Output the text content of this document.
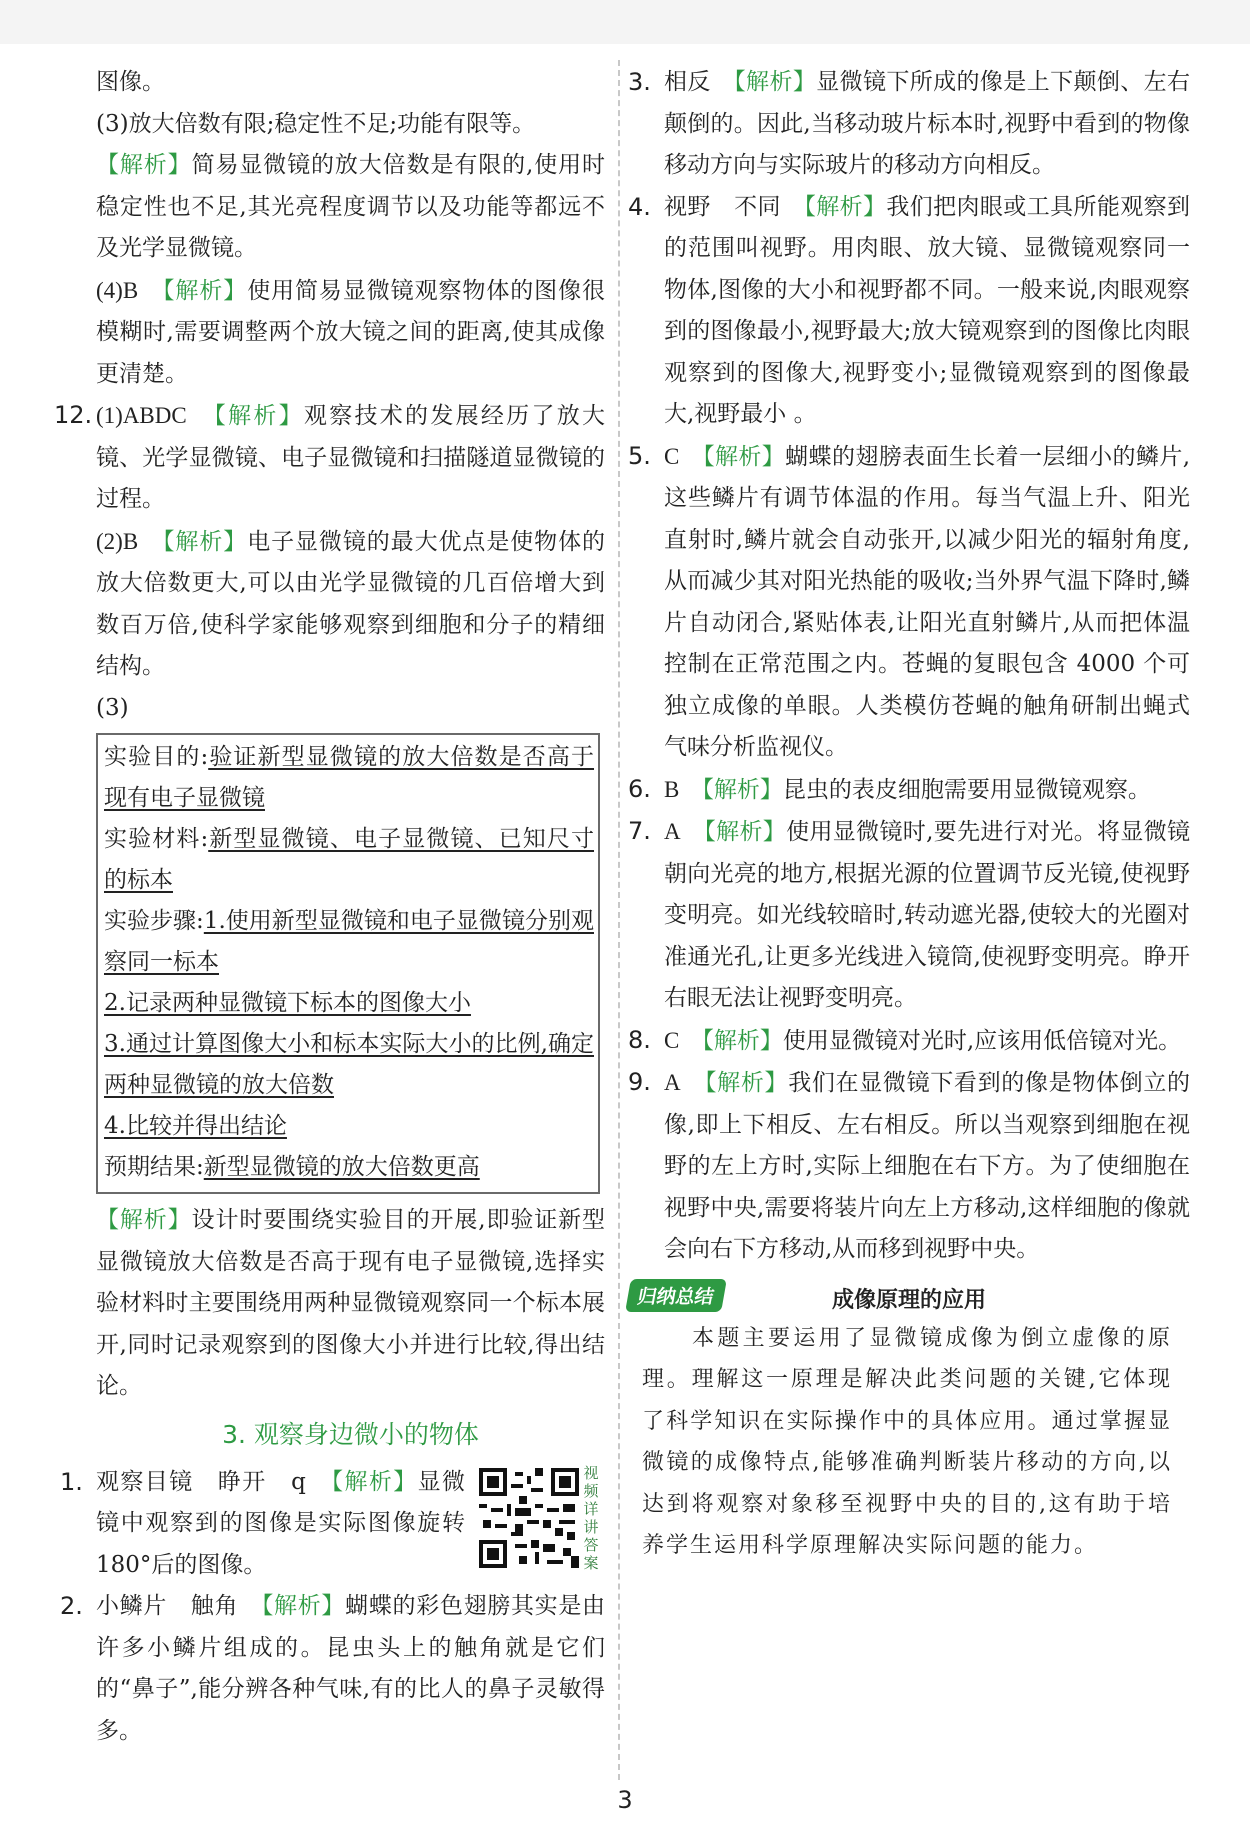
图像。

(3)放大倍数有限;稳定性不足;功能有限等。

【解析】简易显微镜的放大倍数是有限的,使用时稳定性也不足,其光亮程度调节以及功能等都远不及光学显微镜。

(4)B　 【解析】使用简易显微镜观察物体的图像很模糊时,需要调整两个放大镜之间的距离,使其成像更清楚。

12. (1)ABDC　 【解析】观察技术的发展经历了放大镜、光学显微镜、电子显微镜和扫描隧道显微镜的过程。

(2)B　 【解析】电子显微镜的最大优点是使物体的放大倍数更大,可以由光学显微镜的几百倍增大到数百万倍,使科学家能够观察到细胞和分子的精细结构。

(3)

实验目的:验证新型显微镜的放大倍数是否高于现有电子显微镜

实验材料:新型显微镜、电子显微镜、已知尺寸的标本

实验步骤:1.使用新型显微镜和电子显微镜分别观察同一标本

2.记录两种显微镜下标本的图像大小

3.通过计算图像大小和标本实际大小的比例,确定两种显微镜的放大倍数

4.比较并得出结论

预期结果:新型显微镜的放大倍数更高

【解析】设计时要围绕实验目的开展,即验证新型显微镜放大倍数是否高于现有电子显微镜,选择实验材料时主要围绕用两种显微镜观察同一个标本展开,同时记录观察到的图像大小并进行比较,得出结论。

3. 观察身边微小的物体
1. 观察目镜　睁开　q　 【解析】显微镜中观察到的图像是实际图像旋转 180°后的图像。

视频详讲答案
2. 小鳞片　触角　 【解析】蝴蝶的彩色翅膀其实是由许多小鳞片组成的。昆虫头上的触角就是它们的“鼻子”,能分辨各种气味,有的比人的鼻子灵敏得多。

3. 相反　 【解析】显微镜下所成的像是上下颠倒、左右颠倒的。因此,当移动玻片标本时,视野中看到的物像移动方向与实际玻片的移动方向相反。

4. 视野　不同　 【解析】我们把肉眼或工具所能观察到的范围叫视野。用肉眼、放大镜、显微镜观察同一物体,图像的大小和视野都不同。一般来说,肉眼观察到的图像最小,视野最大;放大镜观察到的图像比肉眼观察到的图像大,视野变小;显微镜观察到的图像最大,视野最小 。

5. C　 【解析】蝴蝶的翅膀表面生长着一层细小的鳞片,这些鳞片有调节体温的作用。每当气温上升、阳光直射时,鳞片就会自动张开,以减少阳光的辐射角度,从而减少其对阳光热能的吸收;当外界气温下降时,鳞片自动闭合,紧贴体表,让阳光直射鳞片,从而把体温控制在正常范围之内。苍蝇的复眼包含 4000 个可独立成像的单眼。人类模仿苍蝇的触角研制出蝇式气味分析监视仪。

6. B　 【解析】昆虫的表皮细胞需要用显微镜观察。

7. A　 【解析】使用显微镜时,要先进行对光。将显微镜朝向光亮的地方,根据光源的位置调节反光镜,使视野变明亮。如光线较暗时,转动遮光器,使较大的光圈对准通光孔,让更多光线进入镜筒,使视野变明亮。睁开右眼无法让视野变明亮。

8. C　 【解析】使用显微镜对光时,应该用低倍镜对光。

9. A　 【解析】我们在显微镜下看到的像是物体倒立的像,即上下相反、左右相反。所以当观察到细胞在视野的左上方时,实际上细胞在右下方。为了使细胞在视野中央,需要将装片向左上方移动,这样细胞的像就会向右下方移动,从而移到视野中央。

归纳总结	成像原理的应用
本题主要运用了显微镜成像为倒立虚像的原理。理解这一原理是解决此类问题的关键,它体现了科学知识在实际操作中的具体应用。通过掌握显微镜的成像特点,能够准确判断装片移动的方向,以达到将观察对象移至视野中央的目的,这有助于培养学生运用科学原理解决实际问题的能力。
3
